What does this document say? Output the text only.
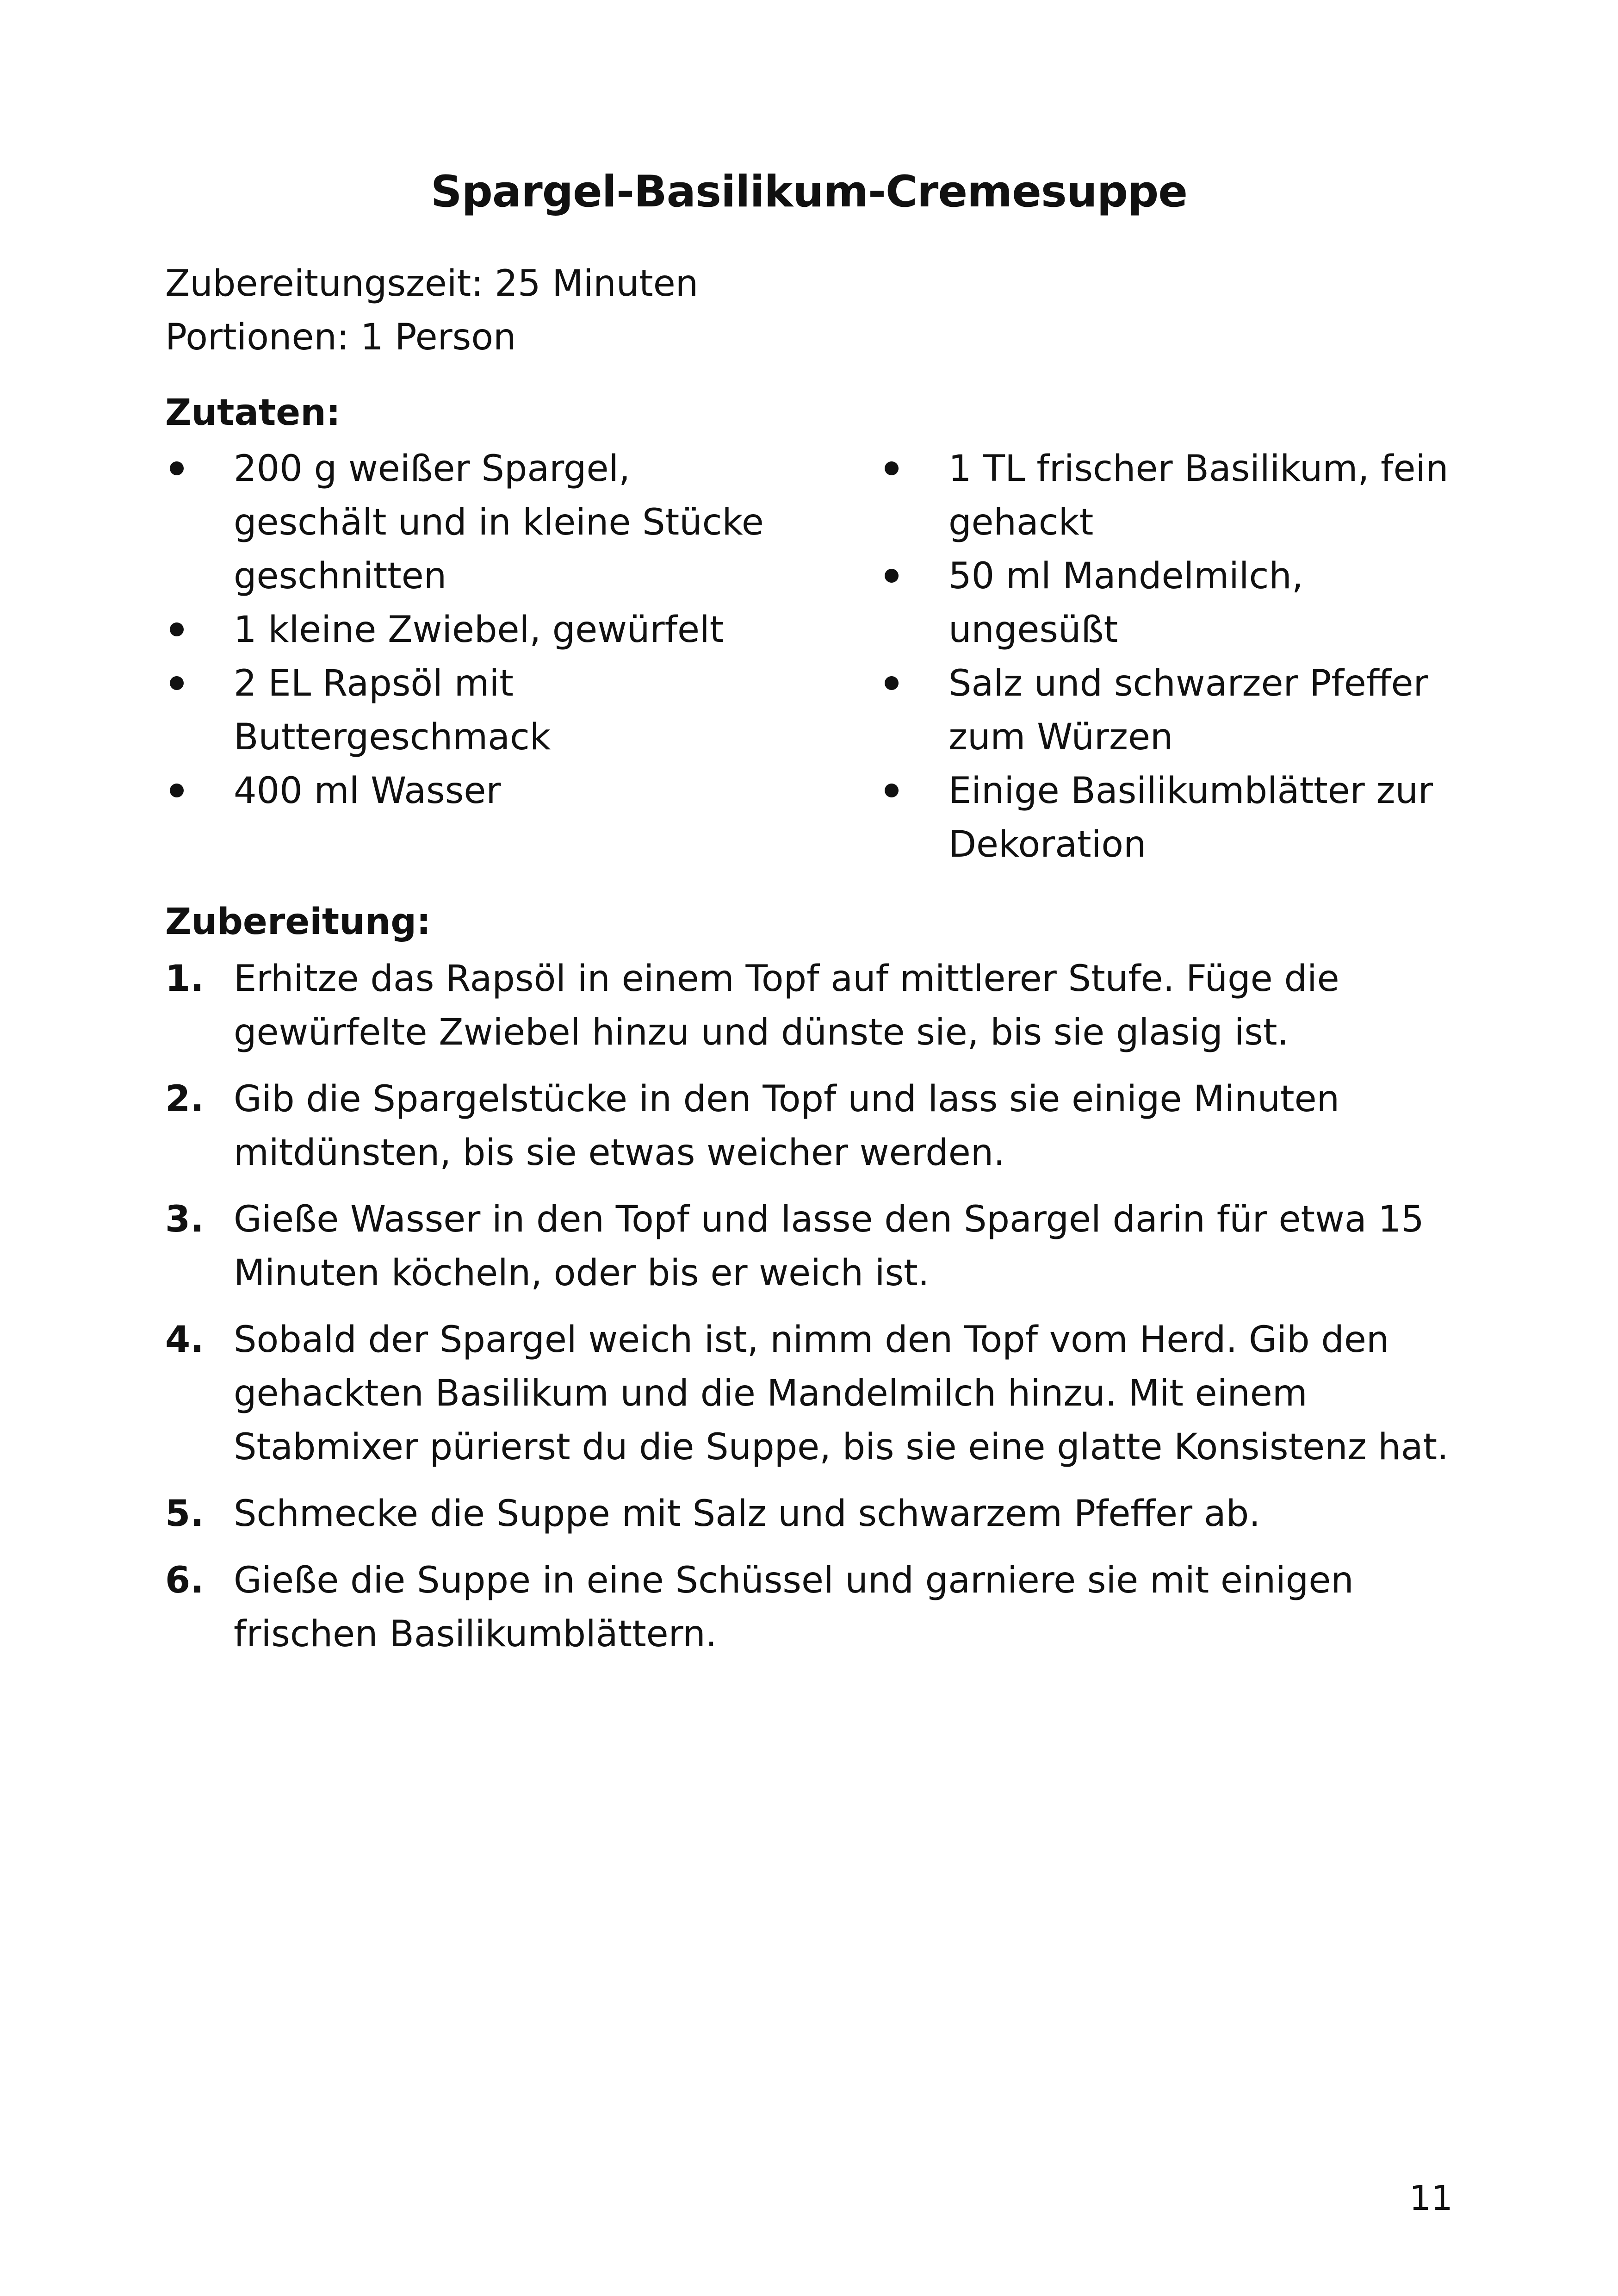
Spargel-Basilikum-Cremesuppe
Zubereitungszeit: 25 Minuten
Portionen: 1 Person
Zutaten:
200 g weißer Spargel, geschält und in kleine Stücke geschnitten
1 kleine Zwiebel, gewürfelt
2 EL Rapsöl mit Buttergeschmack
400 ml Wasser
1 TL frischer Basilikum, fein gehackt
50 ml Mandelmilch, ungesüßt
Salz und schwarzer Pfeffer zum Würzen
Einige Basilikumblätter zur Dekoration
Zubereitung:
1. Erhitze das Rapsöl in einem Topf auf mittlerer Stufe. Füge die gewürfelte Zwiebel hinzu und dünste sie, bis sie glasig ist.
2. Gib die Spargelstücke in den Topf und lass sie einige Minuten mitdünsten, bis sie etwas weicher werden.
3. Gieße Wasser in den Topf und lasse den Spargel darin für etwa 15 Minuten köcheln, oder bis er weich ist.
4. Sobald der Spargel weich ist, nimm den Topf vom Herd. Gib den gehackten Basilikum und die Mandelmilch hinzu. Mit einem Stabmixer pürierst du die Suppe, bis sie eine glatte Konsistenz hat.
5. Schmecke die Suppe mit Salz und schwarzem Pfeffer ab.
6. Gieße die Suppe in eine Schüssel und garniere sie mit einigen frischen Basilikumblättern.
11
